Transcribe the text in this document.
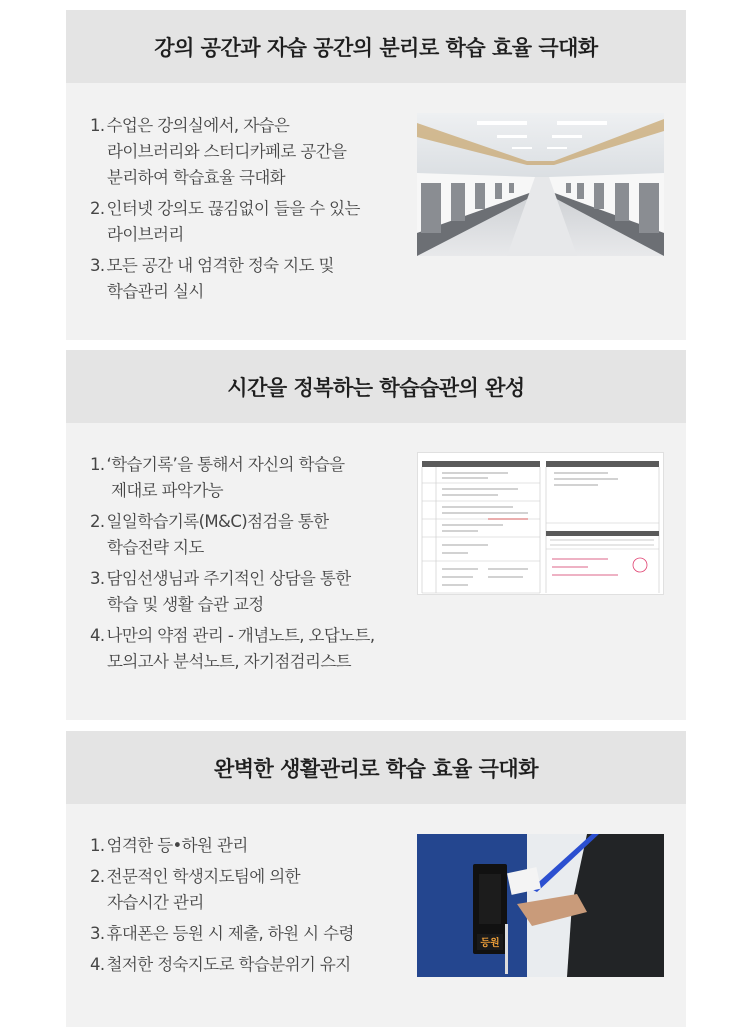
강의 공간과 자습 공간의 분리로 학습 효율 극대화
1. 수업은 강의실에서, 자습은
라이브러리와 스터디카페로 공간을
분리하여 학습효율 극대화
2. 인터넷 강의도 끊김없이 들을 수 있는
라이브러리
3. 모든 공간 내 엄격한 정숙 지도 및
학습관리 실시
시간을 정복하는 학습습관의 완성
1. ‘학습기록’을 통해서 자신의 학습을
제대로 파악가능
2. 일일학습기록(M&C)점검을 통한
학습전략 지도
3. 담임선생님과 주기적인 상담을 통한
학습 및 생활 습관 교정
4. 나만의 약점 관리 - 개념노트, 오답노트,
모의고사 분석노트, 자기점검리스트
완벽한 생활관리로 학습 효율 극대화
1. 엄격한 등•하원 관리
2. 전문적인 학생지도팀에 의한
자습시간 관리
3. 휴대폰은 등원 시 제출, 하원 시 수령
4. 철저한 정숙지도로 학습분위기 유지
등원
